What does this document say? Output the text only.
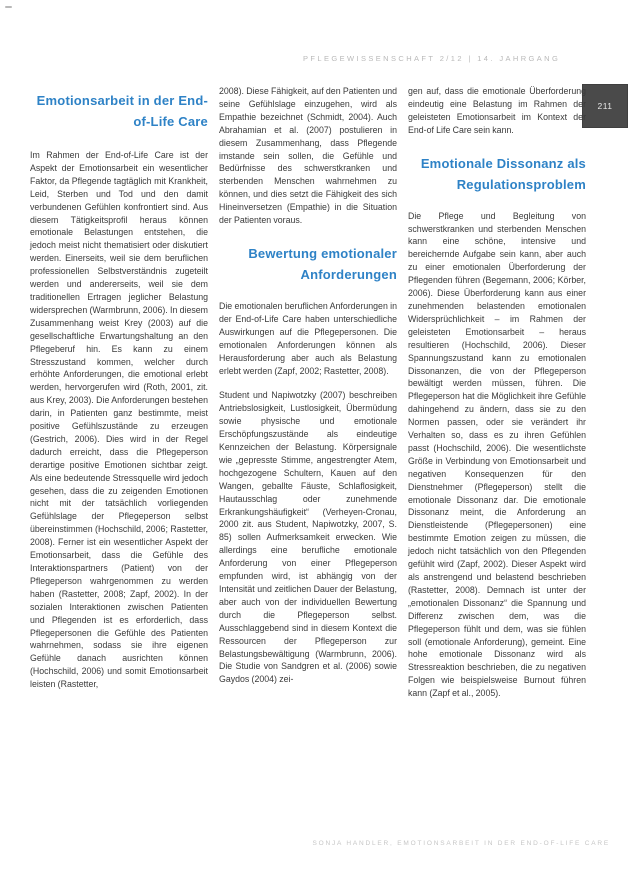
PFLEGEWISSENSCHAFT 2/12 | 14. JAHRGANG
211
Emotionsarbeit in der End-of-Life Care

Im Rahmen der End-of-Life Care ist der Aspekt der Emotionsarbeit ein wesentlicher Faktor, da Pflegende tagtäglich mit Krankheit, Leid, Sterben und Tod und den damit verbundenen Gefühlen konfrontiert sind. Aus diesem Tätigkeitsprofil heraus können emotionale Belastungen entstehen, die jedoch meist nicht thematisiert oder diskutiert werden. Einerseits, weil sie dem beruflichen professionellen Selbstverständnis zugeteilt werden und andererseits, weil sie dem traditionellen Ertragen jeglicher Belastung widersprechen (Warmbrunn, 2006). In diesem Zusammenhang weist Krey (2003) auf die gesellschaftliche Erwartungshaltung an den Pflegeberuf hin. Es kann zu einem Stresszustand kommen, welcher durch erhöhte Anforderungen, die emotional erlebt werden, hervorgerufen wird (Roth, 2001, zit. aus Krey, 2003). Die Anforderungen bestehen darin, in Patienten ganz bestimmte, meist positive Gefühlszustände zu erzeugen (Gestrich, 2006). Dies wird in der Regel dadurch erreicht, dass die Pflegeperson derartige positive Emotionen sichtbar zeigt. Als eine bedeutende Stressquelle wird jedoch gesehen, dass die zu zeigenden Emotionen nicht mit der tatsächlich vorliegenden Gefühlslage der Pflegeperson selbst übereinstimmen (Hochschild, 2006; Rastetter, 2008). Ferner ist ein wesentlicher Aspekt der Emotionsarbeit, dass die Gefühle des Interaktionspartners (Patient) von der Pflegeperson wahrgenommen zu werden haben (Rastetter, 2008; Zapf, 2002). In der sozialen Interaktionen zwischen Patienten und Pflegenden ist es erforderlich, dass Pflegepersonen die Gefühle des Patienten wahrnehmen, sodass sie ihre eigenen Gefühle danach ausrichten können (Hochschild, 2006) und somit Emotionsarbeit leisten (Rastetter,

2008). Diese Fähigkeit, auf den Patienten und seine Gefühlslage einzugehen, wird als Empathie bezeichnet (Schmidt, 2004). Auch Abrahamian et al. (2007) postulieren in diesem Zusammenhang, dass Pflegende imstande sein sollen, die Gefühle und Bedürfnisse des schwerstkranken und sterbenden Menschen wahrnehmen zu können, und dies setzt die Fähigkeit des sich Hineinversetzen (Empathie) in die Situation der Patienten voraus.

Bewertung emotionaler Anforderungen

Die emotionalen beruflichen Anforderungen in der End-of-Life Care haben unterschiedliche Auswirkungen auf die Pflegepersonen. Die emotionalen Anforderungen können als Herausforderung aber auch als Belastung erlebt werden (Zapf, 2002; Rastetter, 2008).

Student und Napiwotzky (2007) beschreiben Antriebslosigkeit, Lustlosigkeit, Übermüdung sowie physische und emotionale Erschöpfungszustände als eindeutige Kennzeichen der Belastung. Körpersignale wie „gepresste Stimme, angestrengter Atem, hochgezogene Schultern, Kauen auf den Wangen, geballte Fäuste, Schlaflosigkeit, Hautausschlag oder zunehmende Erkrankungshäufigkeit“ (Verheyen-Cronau, 2000 zit. aus Student, Napiwotzky, 2007, S. 85) sollen Aufmerksamkeit erwecken. Wie allerdings eine berufliche emotionale Anforderung von einer Pflegeperson empfunden wird, ist abhängig von der Intensität und zeitlichen Dauer der Belastung, aber auch von der individuellen Bewertung durch die Pflegeperson selbst. Ausschlaggebend sind in diesem Kontext die Ressourcen der Pflegeperson zur Belastungsbewältigung (Warmbrunn, 2006). Die Studie von Sandgren et al. (2006) sowie Gaydos (2004) zei-

gen auf, dass die emotionale Überforderung eindeutig eine Belastung im Rahmen der geleisteten Emotionsarbeit im Kontext der End-of Life Care sein kann.

Emotionale Dissonanz als Regulationsproblem

Die Pflege und Begleitung von schwerstkranken und sterbenden Menschen kann eine schöne, intensive und bereichernde Aufgabe sein kann, aber auch zu einer emotionalen Überforderung der Pflegenden führen (Begemann, 2006; Körber, 2006). Diese Überforderung kann aus einer zunehmenden belastenden emotionalen Widersprüchlichkeit – im Rahmen der geleisteten Emotionsarbeit – heraus resultieren (Hochschild, 2006). Dieser Spannungszustand kann zu emotionalen Dissonanzen, die von der Pflegeperson bewältigt werden müssen, führen. Die Pflegeperson hat die Möglichkeit ihre Gefühle dahingehend zu ändern, dass sie zu den Normen passen, oder sie verändert ihr Verhalten so, dass es zu ihren Gefühlen passt (Hochschild, 2006). Die wesentlichste Größe in Verbindung von Emotionsarbeit und negativen Konsequenzen für den Dienstnehmer (Pflegeperson) stellt die emotionale Dissonanz dar. Die emotionale Dissonanz meint, die Anforderung an Dienstleistende (Pflegepersonen) eine bestimmte Emotion zeigen zu müssen, die jedoch nicht tatsächlich von den Pflegenden gefühlt wird (Zapf, 2002). Dieser Aspekt wird als anstrengend und belastend beschrieben (Rastetter, 2008). Demnach ist unter der „emotionalen Dissonanz“ die Spannung und Differenz zwischen dem, was die Pflegeperson fühlt und dem, was sie fühlen soll (emotionale Anforderung), gemeint. Eine hohe emotionale Dissonanz wird als Stressreaktion beschrieben, die zu negativen Folgen wie beispielsweise Burnout führen kann (Zapf et al., 2005).

SONJA HANDLER, EMOTIONSARBEIT IN DER END-OF-LIFE CARE
